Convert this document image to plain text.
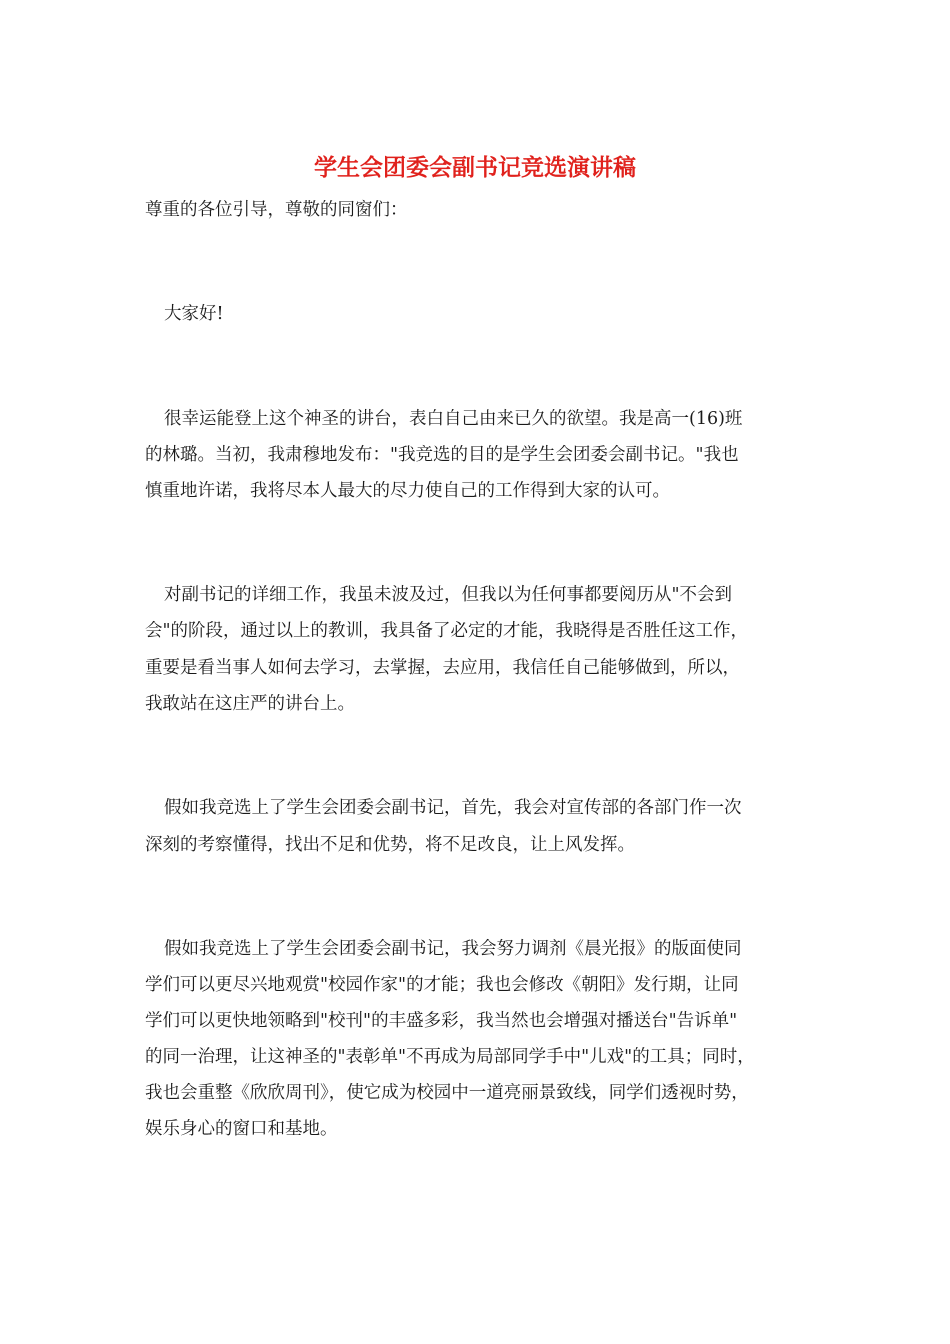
学生会团委会副书记竞选演讲稿
尊重的各位引导，尊敬的同窗们：
大家好!
很幸运能登上这个神圣的讲台，表白自己由来已久的欲望。我是高一(16)班
的林璐。当初，我肃穆地发布："我竞选的目的是学生会团委会副书记。"我也
慎重地许诺，我将尽本人最大的尽力使自己的工作得到大家的认可。
对副书记的详细工作，我虽未波及过，但我以为任何事都要阅历从"不会到
会"的阶段，通过以上的教训，我具备了必定的才能，我晓得是否胜任这工作，
重要是看当事人如何去学习，去掌握，去应用，我信任自己能够做到，所以，
我敢站在这庄严的讲台上。
假如我竞选上了学生会团委会副书记，首先，我会对宣传部的各部门作一次
深刻的考察懂得，找出不足和优势，将不足改良，让上风发挥。
假如我竞选上了学生会团委会副书记，我会努力调剂《晨光报》的版面使同
学们可以更尽兴地观赏"校园作家"的才能；我也会修改《朝阳》发行期，让同
学们可以更快地领略到"校刊"的丰盛多彩，我当然也会增强对播送台"告诉单"
的同一治理，让这神圣的"表彰单"不再成为局部同学手中"儿戏"的工具；同时，
我也会重整《欣欣周刊》，使它成为校园中一道亮丽景致线，同学们透视时势，
娱乐身心的窗口和基地。
